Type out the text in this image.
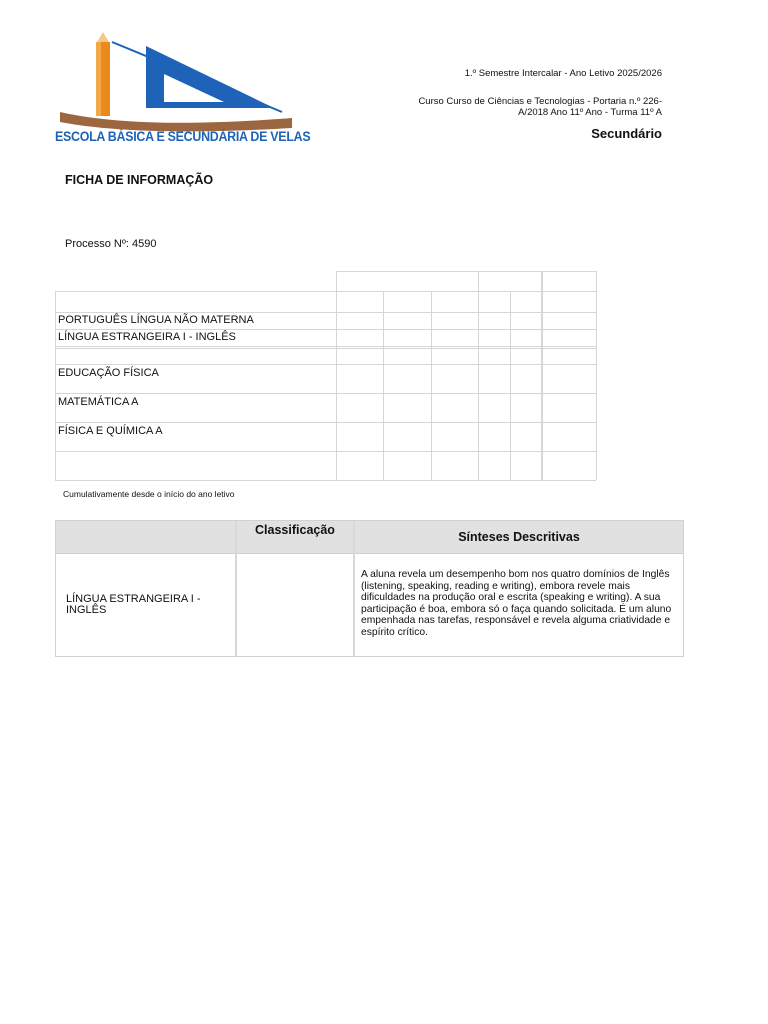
ESCOLA BÁSICA E SECUNDÁRIA DE VELAS
1.º Semestre Intercalar - Ano Letivo 2025/2026
Curso Curso de Ciências e Tecnologias - Portaria n.º 226-A/2018 Ano 11º Ano - Turma 11º A
Secundário
FICHA DE INFORMAÇÃO
Processo Nº: 4590
PORTUGUÊS LÍNGUA NÃO MATERNA
LÍNGUA ESTRANGEIRA I - INGLÊS
EDUCAÇÃO FÍSICA
MATEMÁTICA A
FÍSICA E QUÍMICA A
Cumulativamente desde o início do ano letivo
Classificação	Sínteses Descritivas
LÍNGUA ESTRANGEIRA I - INGLÊS
A aluna revela um desempenho bom nos quatro domínios de Inglês (listening, speaking, reading e writing), embora revele mais dificuldades na produção oral e escrita (speaking e writing). A sua participação é boa, embora só o faça quando solicitada. É um aluno empenhada nas tarefas, responsável e revela alguma criatividade e espírito crítico.
